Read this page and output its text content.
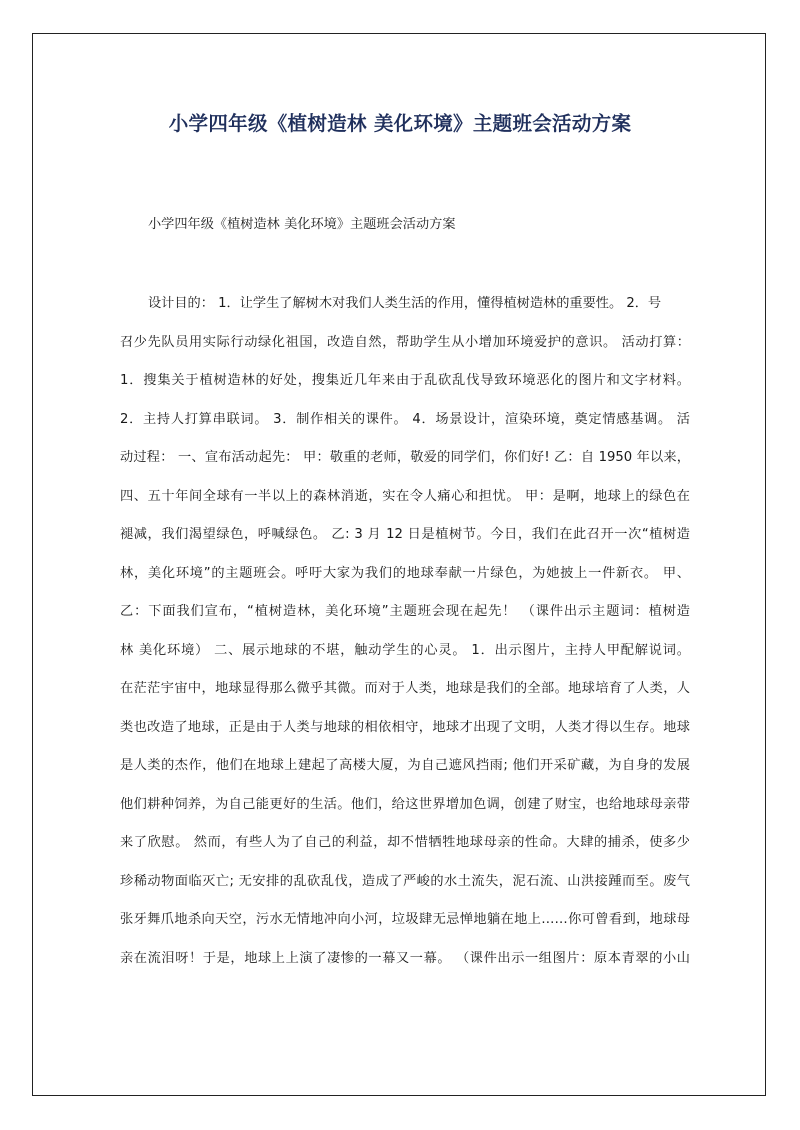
小学四年级《植树造林 美化环境》主题班会活动方案

小学四年级《植树造林 美化环境》主题班会活动方案

设计目的： 1．让学生了解树木对我们人类生活的作用，懂得植树造林的重要性。 2．号
召少先队员用实际行动绿化祖国，改造自然，帮助学生从小增加环境爱护的意识。 活动打算：
1．搜集关于植树造林的好处，搜集近几年来由于乱砍乱伐导致环境恶化的图片和文字材料。
2．主持人打算串联词。 3．制作相关的课件。 4．场景设计，渲染环境，奠定情感基调。 活
动过程： 一、宣布活动起先： 甲：敬重的老师，敬爱的同学们，你们好! 乙：自 1950 年以来，
四、五十年间全球有一半以上的森林消逝，实在令人痛心和担忧。 甲：是啊，地球上的绿色在
褪减，我们渴望绿色，呼喊绿色。 乙: 3 月 12 日是植树节。今日，我们在此召开一次“植树造
林，美化环境”的主题班会。呼吁大家为我们的地球奉献一片绿色，为她披上一件新衣。 甲、
乙：下面我们宣布，“植树造林，美化环境”主题班会现在起先！ （课件出示主题词：植树造
林 美化环境） 二、展示地球的不堪，触动学生的心灵。 1．出示图片，主持人甲配解说词。
在茫茫宇宙中，地球显得那么微乎其微。而对于人类，地球是我们的全部。地球培育了人类，人
类也改造了地球，正是由于人类与地球的相依相守，地球才出现了文明，人类才得以生存。地球
是人类的杰作，他们在地球上建起了高楼大厦，为自己遮风挡雨; 他们开采矿藏，为自身的发展
他们耕种饲养，为自己能更好的生活。他们，给这世界增加色调，创建了财宝，也给地球母亲带
来了欣慰。 然而，有些人为了自己的利益，却不惜牺牲地球母亲的性命。大肆的捕杀，使多少
珍稀动物面临灭亡; 无安排的乱砍乱伐，造成了严峻的水土流失，泥石流、山洪接踵而至。废气
张牙舞爪地杀向天空，污水无情地冲向小河，垃圾肆无忌惮地躺在地上……你可曾看到，地球母
亲在流泪呀！于是，地球上上演了凄惨的一幕又一幕。 （课件出示一组图片：原本青翠的小山
